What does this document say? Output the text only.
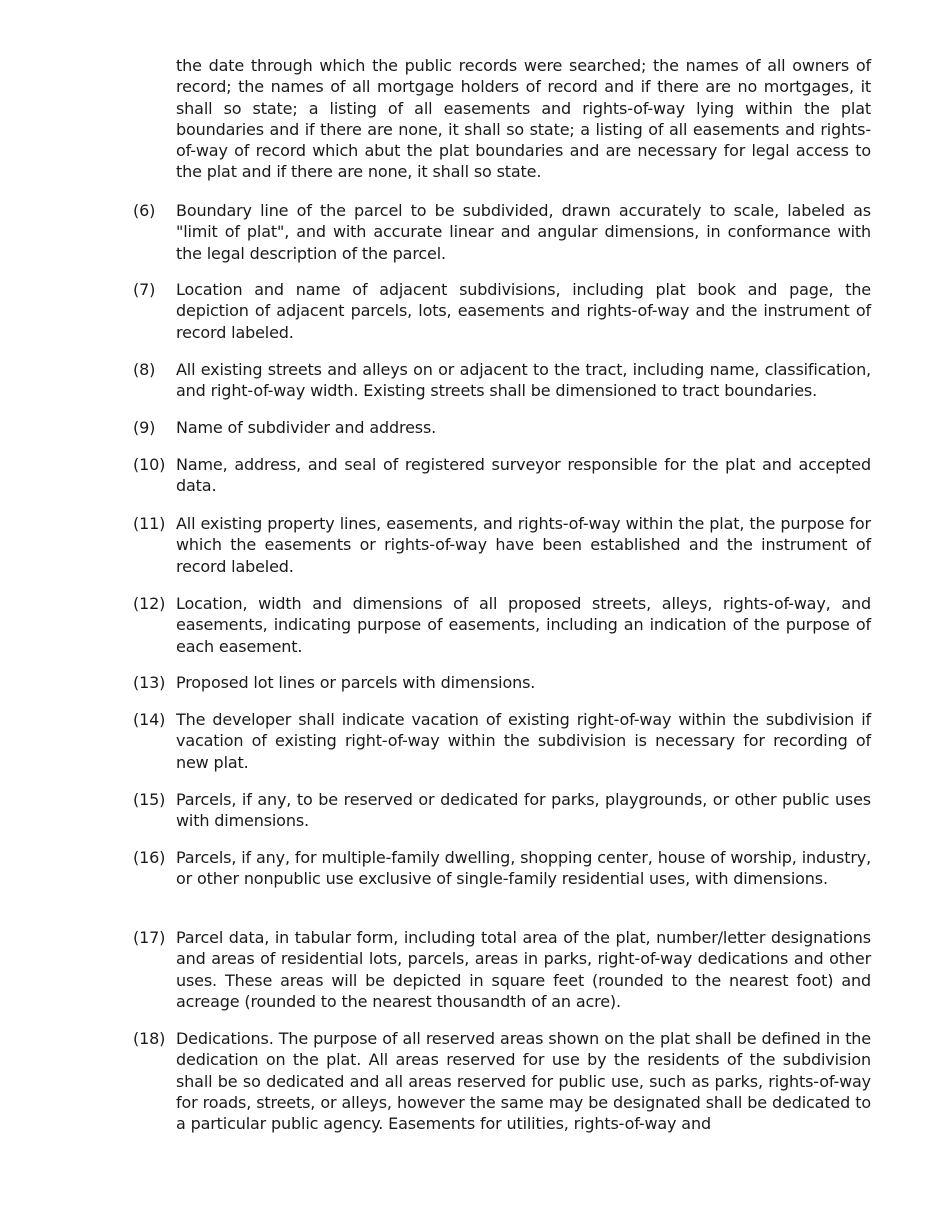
the date through which the public records were searched; the names of all owners of record; the names of all mortgage holders of record and if there are no mortgages, it shall so state; a listing of all easements and rights-of-way lying within the plat boundaries and if there are none, it shall so state; a listing of all easements and rights-of-way of record which abut the plat boundaries and are necessary for legal access to the plat and if there are none, it shall so state.
(6)	Boundary line of the parcel to be subdivided, drawn accurately to scale, labeled as "limit of plat", and with accurate linear and angular dimensions, in conformance with the legal description of the parcel.
(7)	Location and name of adjacent subdivisions, including plat book and page, the depiction of adjacent parcels, lots, easements and rights-of-way and the instrument of record labeled.
(8)	All existing streets and alleys on or adjacent to the tract, including name, classification, and right-of-way width. Existing streets shall be dimensioned to tract boundaries.
(9)	Name of subdivider and address.
(10) Name, address, and seal of registered surveyor responsible for the plat and accepted data.
(11) All existing property lines, easements, and rights-of-way within the plat, the purpose for which the easements or rights-of-way have been established and the instrument of record labeled.
(12) Location, width and dimensions of all proposed streets, alleys, rights-of-way, and easements, indicating purpose of easements, including an indication of the purpose of each easement.
(13) Proposed lot lines or parcels with dimensions.
(14) The developer shall indicate vacation of existing right-of-way within the subdivision if vacation of existing right-of-way within the subdivision is necessary for recording of new plat.
(15) Parcels, if any, to be reserved or dedicated for parks, playgrounds, or other public uses with dimensions.
(16) Parcels, if any, for multiple-family dwelling, shopping center, house of worship, industry, or other nonpublic use exclusive of single-family residential uses, with dimensions.
(17) Parcel data, in tabular form, including total area of the plat, number/letter designations and areas of residential lots, parcels, areas in parks, right-of-way dedications and other uses. These areas will be depicted in square feet (rounded to the nearest foot) and acreage (rounded to the nearest thousandth of an acre).
(18) Dedications. The purpose of all reserved areas shown on the plat shall be defined in the dedication on the plat. All areas reserved for use by the residents of the subdivision shall be so dedicated and all areas reserved for public use, such as parks, rights-of-way for roads, streets, or alleys, however the same may be designated shall be dedicated to a particular public agency. Easements for utilities, rights-of-way and
